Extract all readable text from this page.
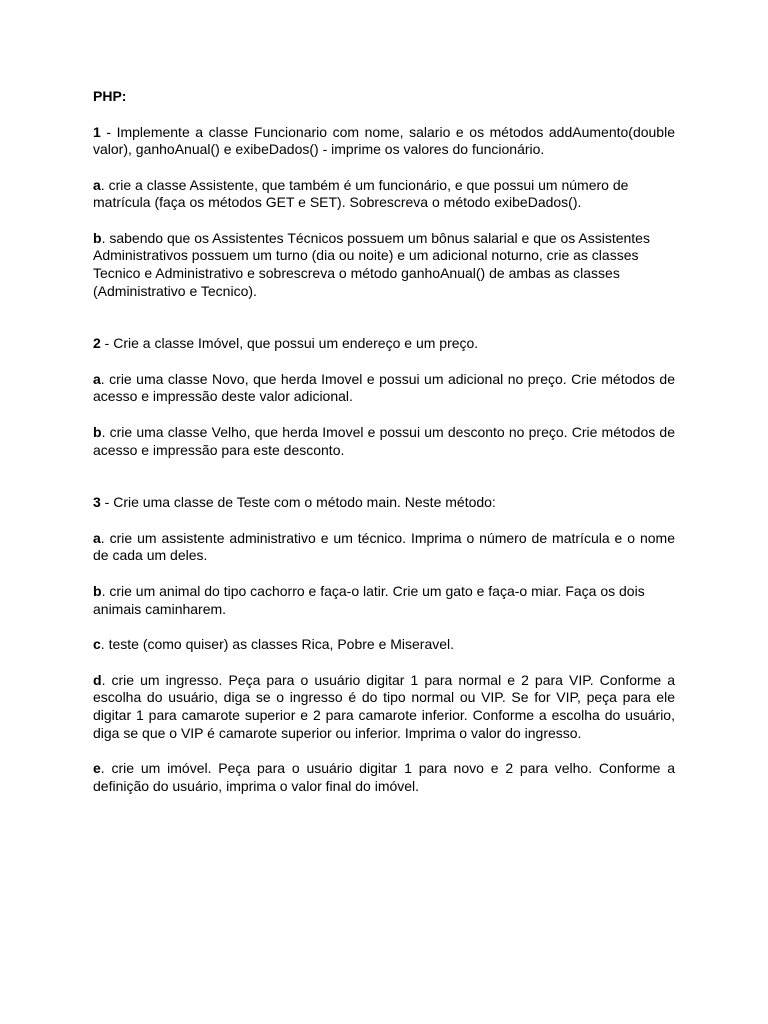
PHP:

1 - Implemente a classe Funcionario com nome, salario e os métodos addAumento(double valor), ganhoAnual() e exibeDados() - imprime os valores do funcionário.

a. crie a classe Assistente, que também é um funcionário, e que possui um número de matrícula (faça os métodos GET e SET). Sobrescreva o método exibeDados().

b. sabendo que os Assistentes Técnicos possuem um bônus salarial e que os Assistentes Administrativos possuem um turno (dia ou noite) e um adicional noturno, crie as classes Tecnico e Administrativo e sobrescreva o método ganhoAnual() de ambas as classes (Administrativo e Tecnico).

2 - Crie a classe Imóvel, que possui um endereço e um preço.

a. crie uma classe Novo, que herda Imovel e possui um adicional no preço. Crie métodos de acesso e impressão deste valor adicional.

b. crie uma classe Velho, que herda Imovel e possui um desconto no preço. Crie métodos de acesso e impressão para este desconto.

3 - Crie uma classe de Teste com o método main. Neste método:

a. crie um assistente administrativo e um técnico. Imprima o número de matrícula e o nome de cada um deles.

b. crie um animal do tipo cachorro e faça-o latir. Crie um gato e faça-o miar. Faça os dois animais caminharem.

c. teste (como quiser) as classes Rica, Pobre e Miseravel.

d. crie um ingresso. Peça para o usuário digitar 1 para normal e 2 para VIP. Conforme a escolha do usuário, diga se o ingresso é do tipo normal ou VIP. Se for VIP, peça para ele digitar 1 para camarote superior e 2 para camarote inferior. Conforme a escolha do usuário, diga se que o VIP é camarote superior ou inferior. Imprima o valor do ingresso.

e. crie um imóvel. Peça para o usuário digitar 1 para novo e 2 para velho. Conforme a definição do usuário, imprima o valor final do imóvel.
